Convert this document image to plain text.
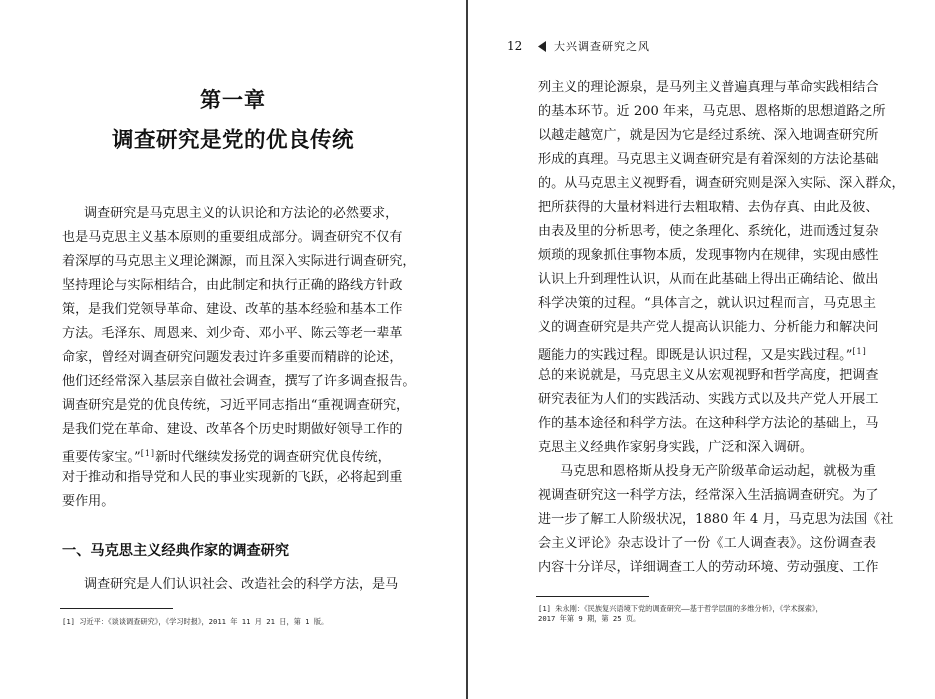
第一章
调查研究是党的优良传统
调查研究是马克思主义的认识论和方法论的必然要求，
也是马克思主义基本原则的重要组成部分。调查研究不仅有
着深厚的马克思主义理论渊源，而且深入实际进行调查研究，
坚持理论与实际相结合，由此制定和执行正确的路线方针政
策，是我们党领导革命、建设、改革的基本经验和基本工作
方法。毛泽东、周恩来、刘少奇、邓小平、陈云等老一辈革
命家，曾经对调查研究问题发表过许多重要而精辟的论述，
他们还经常深入基层亲自做社会调查，撰写了许多调查报告。
调查研究是党的优良传统，习近平同志指出“重视调查研究，
是我们党在革命、建设、改革各个历史时期做好领导工作的
重要传家宝。”[1]新时代继续发扬党的调查研究优良传统，
对于推动和指导党和人民的事业实现新的飞跃，必将起到重
要作用。
一、马克思主义经典作家的调查研究
调查研究是人们认识社会、改造社会的科学方法，是马
[1] 习近平：《谈谈调查研究》，《学习时报》，2011 年 11 月 21 日，第 1 版。
12	大兴调查研究之风
列主义的理论源泉，是马列主义普遍真理与革命实践相结合
的基本环节。近 200 年来，马克思、恩格斯的思想道路之所
以越走越宽广，就是因为它是经过系统、深入地调查研究所
形成的真理。马克思主义调查研究是有着深刻的方法论基础
的。从马克思主义视野看，调查研究则是深入实际、深入群众，
把所获得的大量材料进行去粗取精、去伪存真、由此及彼、
由表及里的分析思考，使之条理化、系统化，进而透过复杂
烦琐的现象抓住事物本质，发现事物内在规律，实现由感性
认识上升到理性认识，从而在此基础上得出正确结论、做出
科学决策的过程。“具体言之，就认识过程而言，马克思主
义的调查研究是共产党人提高认识能力、分析能力和解决问
题能力的实践过程。即既是认识过程，又是实践过程。”[1]
总的来说就是，马克思主义从宏观视野和哲学高度，把调查
研究表征为人们的实践活动、实践方式以及共产党人开展工
作的基本途径和科学方法。在这种科学方法论的基础上，马
克思主义经典作家躬身实践，广泛和深入调研。
马克思和恩格斯从投身无产阶级革命运动起，就极为重
视调查研究这一科学方法，经常深入生活搞调查研究。为了
进一步了解工人阶级状况，1880 年 4 月，马克思为法国《社
会主义评论》杂志设计了一份《工人调查表》。这份调查表
内容十分详尽，详细调查工人的劳动环境、劳动强度、工作
[1] 朱永刚：《民族复兴语境下党的调查研究——基于哲学层面的多维分析》，《学术探索》，
2017 年第 9 期，第 25 页。
